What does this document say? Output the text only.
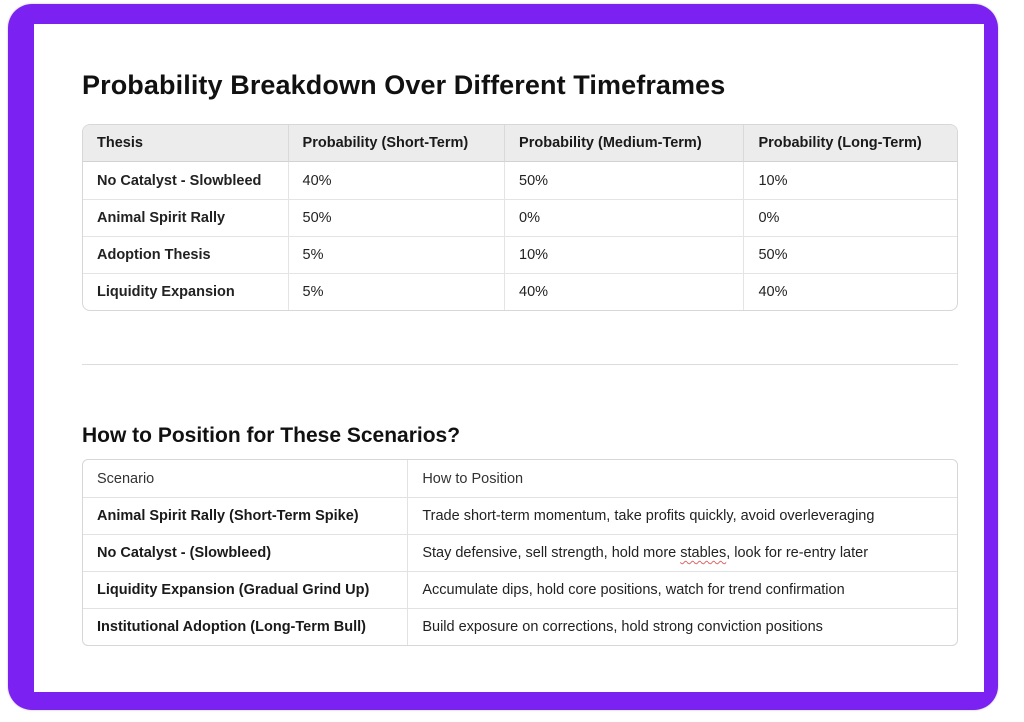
Probability Breakdown Over Different Timeframes
Thesis	Probability (Short-Term)	Probability (Medium-Term)	Probability (Long-Term)
No Catalyst - Slowbleed	40%	50%	10%
Animal Spirit Rally	50%	0%	0%
Adoption Thesis	5%	10%	50%
Liquidity Expansion	5%	40%	40%
How to Position for These Scenarios?
Scenario	How to Position
Animal Spirit Rally (Short-Term Spike)	Trade short-term momentum, take profits quickly, avoid overleveraging
No Catalyst - (Slowbleed)	Stay defensive, sell strength, hold more stables, look for re-entry later
Liquidity Expansion (Gradual Grind Up)	Accumulate dips, hold core positions, watch for trend confirmation
Institutional Adoption (Long-Term Bull)	Build exposure on corrections, hold strong conviction positions
